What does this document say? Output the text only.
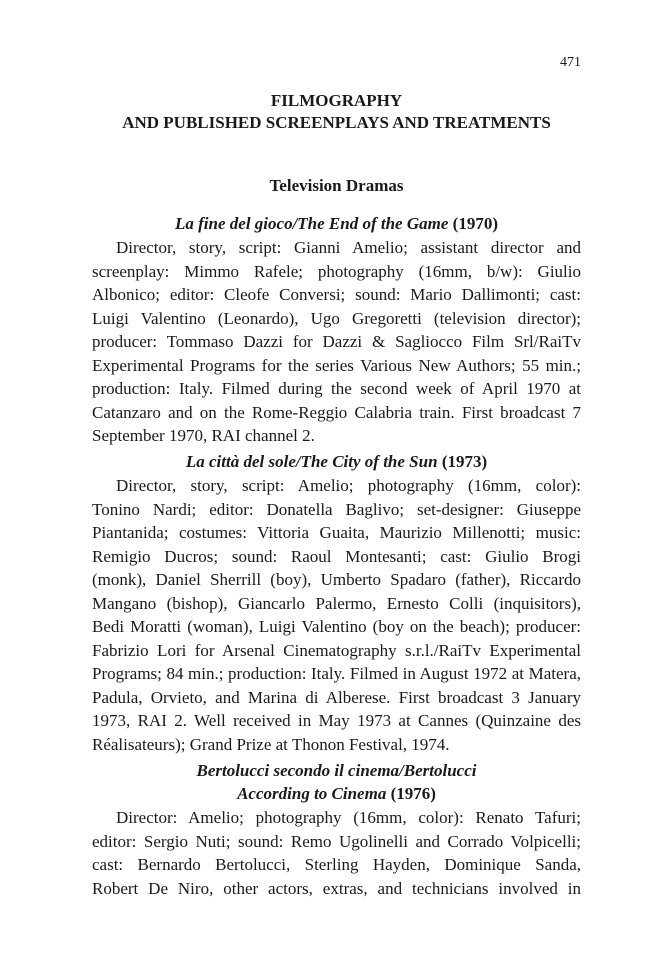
471
FILMOGRAPHY
AND PUBLISHED SCREENPLAYS AND TREATMENTS
Television Dramas
La fine del gioco/The End of the Game (1970)
Director, story, script: Gianni Amelio; assistant director and
screenplay: Mimmo Rafele; photography (16mm, b/w): Giulio
Albonico; editor: Cleofe Conversi; sound: Mario Dallimonti; cast:
Luigi Valentino (Leonardo), Ugo Gregoretti (television director);
producer: Tommaso Dazzi for Dazzi & Sagliocco Film Srl/RaiTv
Experimental Programs for the series Various New Authors; 55 min.;
production: Italy. Filmed during the second week of April 1970 at
Catanzaro and on the Rome-Reggio Calabria train. First broadcast 7
September 1970, RAI channel 2.
La città del sole/The City of the Sun (1973)
Director, story, script: Amelio; photography (16mm, color):
Tonino Nardi; editor: Donatella Baglivo; set-designer: Giuseppe
Piantanida; costumes: Vittoria Guaita, Maurizio Millenotti; music:
Remigio Ducros; sound: Raoul Montesanti; cast: Giulio Brogi
(monk), Daniel Sherrill (boy), Umberto Spadaro (father), Riccardo
Mangano (bishop), Giancarlo Palermo, Ernesto Colli (inquisitors),
Bedi Moratti (woman), Luigi Valentino (boy on the beach); producer:
Fabrizio Lori for Arsenal Cinematography s.r.l./RaiTv Experimental
Programs; 84 min.; production: Italy. Filmed in August 1972 at Matera,
Padula, Orvieto, and Marina di Alberese. First broadcast 3 January
1973, RAI 2. Well received in May 1973 at Cannes (Quinzaine des
Réalisateurs); Grand Prize at Thonon Festival, 1974.
Bertolucci secondo il cinema/Bertolucci
According to Cinema (1976)
Director: Amelio; photography (16mm, color): Renato Tafuri;
editor: Sergio Nuti; sound: Remo Ugolinelli and Corrado Volpicelli;
cast: Bernardo Bertolucci, Sterling Hayden, Dominique Sanda,
Robert De Niro, other actors, extras, and technicians involved in
